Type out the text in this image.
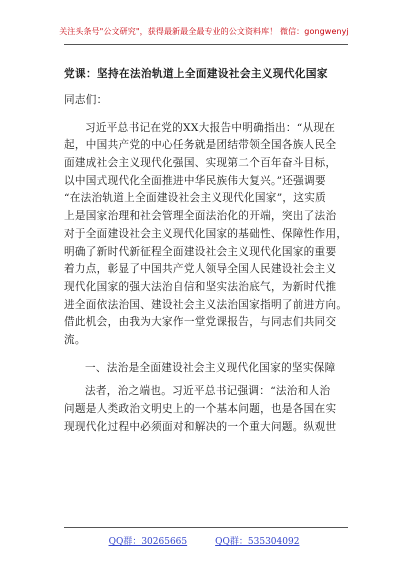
关注头条号"公文研究"，获得最新最全最专业的公文资料库！ 微信：gongwenyj
党课：坚持在法治轨道上全面建设社会主义现代化国家
同志们：
习近平总书记在党的XX大报告中明确指出：“从现在
起，中国共产党的中心任务就是团结带领全国各族人民全
面建成社会主义现代化强国、实现第二个百年奋斗目标，
以中国式现代化全面推进中华民族伟大复兴。”还强调要
“在法治轨道上全面建设社会主义现代化国家”，这实质
上是国家治理和社会管理全面法治化的开端，突出了法治
对于全面建设社会主义现代化国家的基础性、保障性作用，
明确了新时代新征程全面建设社会主义现代化国家的重要
着力点，彰显了中国共产党人领导全国人民建设社会主义
现代化国家的强大法治自信和坚实法治底气，为新时代推
进全面依法治国、建设社会主义法治国家指明了前进方向。
借此机会，由我为大家作一堂党课报告，与同志们共同交
流。
一、法治是全面建设社会主义现代化国家的坚实保障
法者，治之端也。习近平总书记强调：“法治和人治
问题是人类政治文明史上的一个基本问题，也是各国在实
现现代化过程中必须面对和解决的一个重大问题。纵观世
QQ群：30265665	QQ群：535304092
